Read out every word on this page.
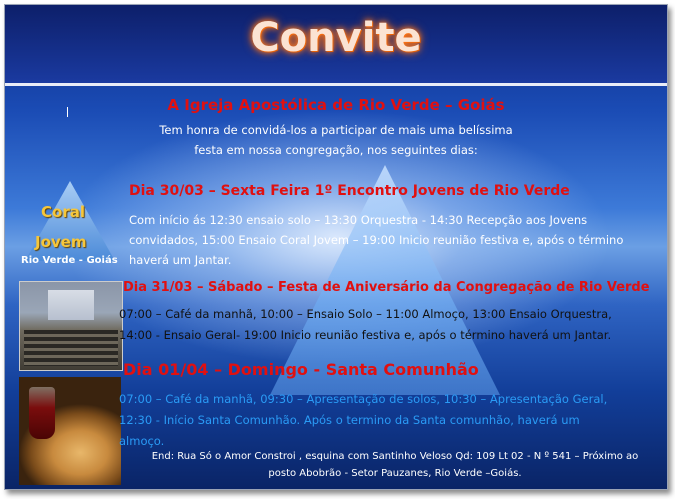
Convite
Coral
Jovem
Rio Verde - Goiás
A Igreja Apostólica de Rio Verde – Goiás
Tem honra de convidá-los a participar de mais uma belíssima
festa em nossa congregação, nos seguintes dias:
Dia 30/03 – Sexta Feira 1º Encontro Jovens de Rio Verde
Com início ás 12:30 ensaio solo – 13:30 Orquestra - 14:30 Recepção aos Jovens
convidados, 15:00 Ensaio Coral Jovem – 19:00 Inicio reunião festiva e, após o término
haverá um Jantar.
Dia 31/03 – Sábado – Festa de Aniversário da Congregação de Rio Verde
07:00 – Café da manhã, 10:00 – Ensaio Solo – 11:00 Almoço, 13:00 Ensaio Orquestra,
14:00 - Ensaio Geral- 19:00 Inicio reunião festiva e, após o término haverá um Jantar.
Dia 01/04 – Domingo - Santa Comunhão
07:00 – Café da manhã, 09:30 – Apresentação de solos, 10:30 – Apresentação Geral,
12:30 - Início Santa Comunhão. Após o termino da Santa comunhão, haverá um
almoço.
End: Rua Só o Amor Constroi , esquina com Santinho Veloso Qd: 109 Lt 02 - N º 541 – Próximo ao
posto Abobrão - Setor Pauzanes, Rio Verde –Goiás.
